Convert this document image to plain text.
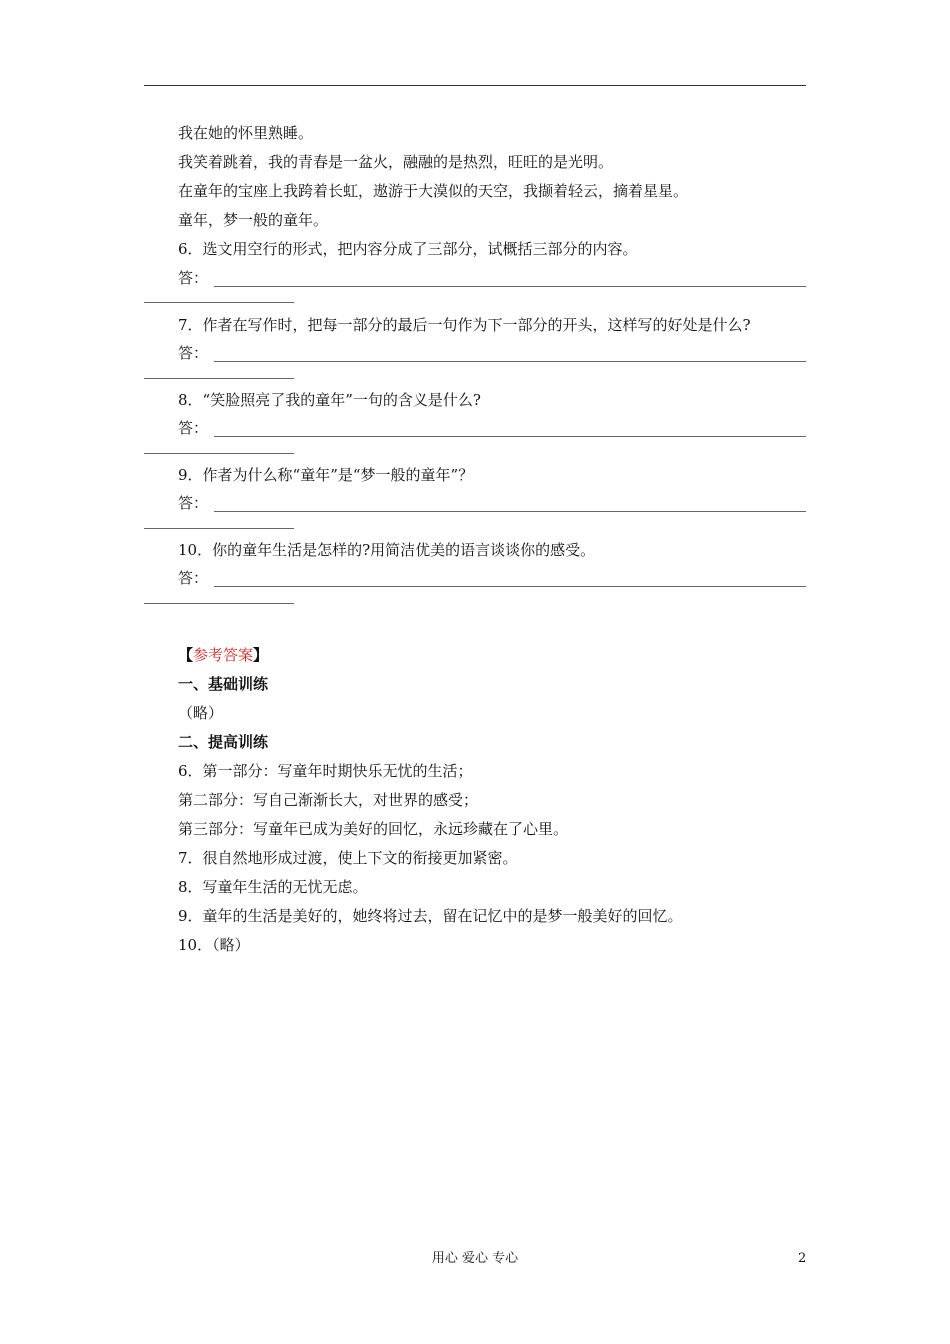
我在她的怀里熟睡。
我笑着跳着，我的青春是一盆火，融融的是热烈，旺旺的是光明。
在童年的宝座上我跨着长虹，遨游于大漠似的天空，我撷着轻云，摘着星星。
童年，梦一般的童年。
6．选文用空行的形式，把内容分成了三部分，试概括三部分的内容。
答：
7．作者在写作时，把每一部分的最后一句作为下一部分的开头，这样写的好处是什么?
答：
8．“笑脸照亮了我的童年”一句的含义是什么?
答：
9．作者为什么称“童年”是“梦一般的童年”？
答：
10．你的童年生活是怎样的?用简洁优美的语言谈谈你的感受。
答：
【参考答案】
一、基础训练
（略）
二、提高训练
6．第一部分：写童年时期快乐无忧的生活；
第二部分：写自己渐渐长大，对世界的感受；
第三部分：写童年已成为美好的回忆，永远珍藏在了心里。
7．很自然地形成过渡，使上下文的衔接更加紧密。
8．写童年生活的无忧无虑。
9．童年的生活是美好的，她终将过去，留在记忆中的是梦一般美好的回忆。
10．（略）
用心 爱心 专心	2
